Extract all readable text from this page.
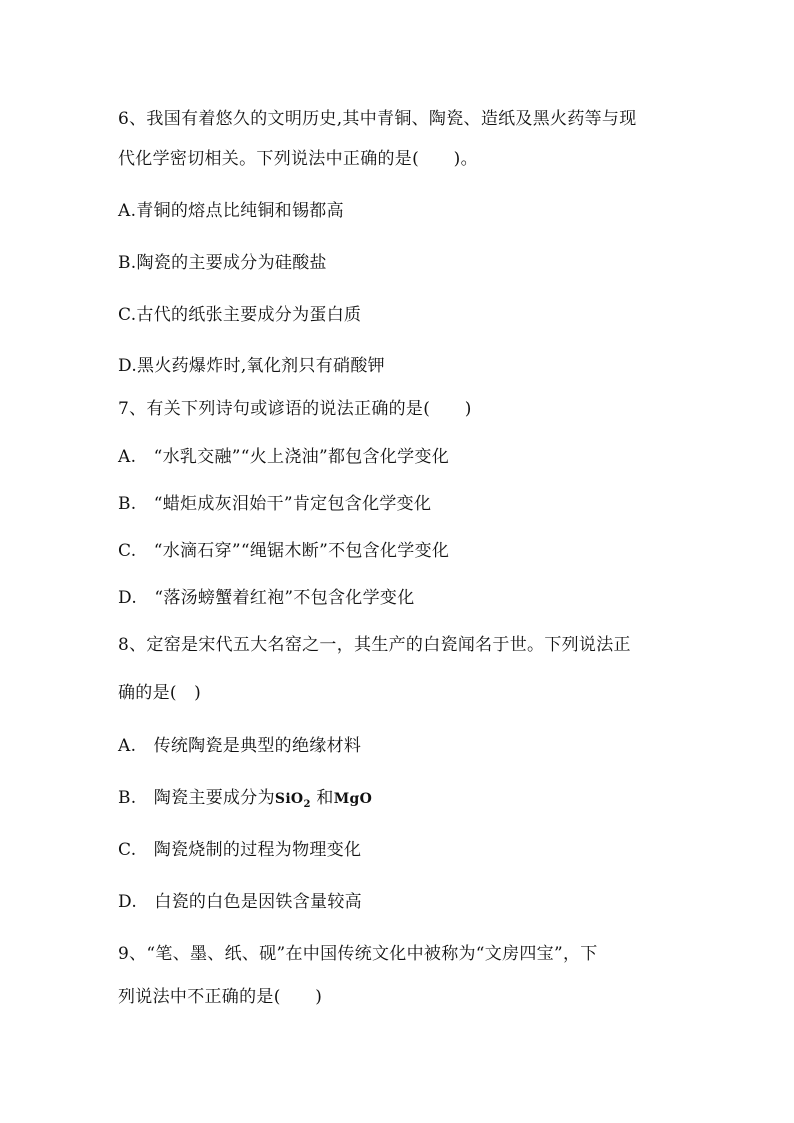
6、我国有着悠久的文明历史,其中青铜、陶瓷、造纸及黑火药等与现
代化学密切相关。下列说法中正确的是(　　)。
A.青铜的熔点比纯铜和锡都高
B.陶瓷的主要成分为硅酸盐
C.古代的纸张主要成分为蛋白质
D.黑火药爆炸时,氧化剂只有硝酸钾
7、有关下列诗句或谚语的说法正确的是(　　)
A.　“水乳交融”“火上浇油”都包含化学变化
B.　“蜡炬成灰泪始干”肯定包含化学变化
C.　“水滴石穿”“绳锯木断”不包含化学变化
D.　“落汤螃蟹着红袍”不包含化学变化
8、定窑是宋代五大名窑之一，其生产的白瓷闻名于世。下列说法正
确的是(　)
A.　传统陶瓷是典型的绝缘材料
B.　陶瓷主要成分为SiO$_2$ 和MgO
C.　陶瓷烧制的过程为物理变化
D.　白瓷的白色是因铁含量较高
9、“笔、墨、纸、砚”在中国传统文化中被称为“文房四宝”，下
列说法中不正确的是(　　)
